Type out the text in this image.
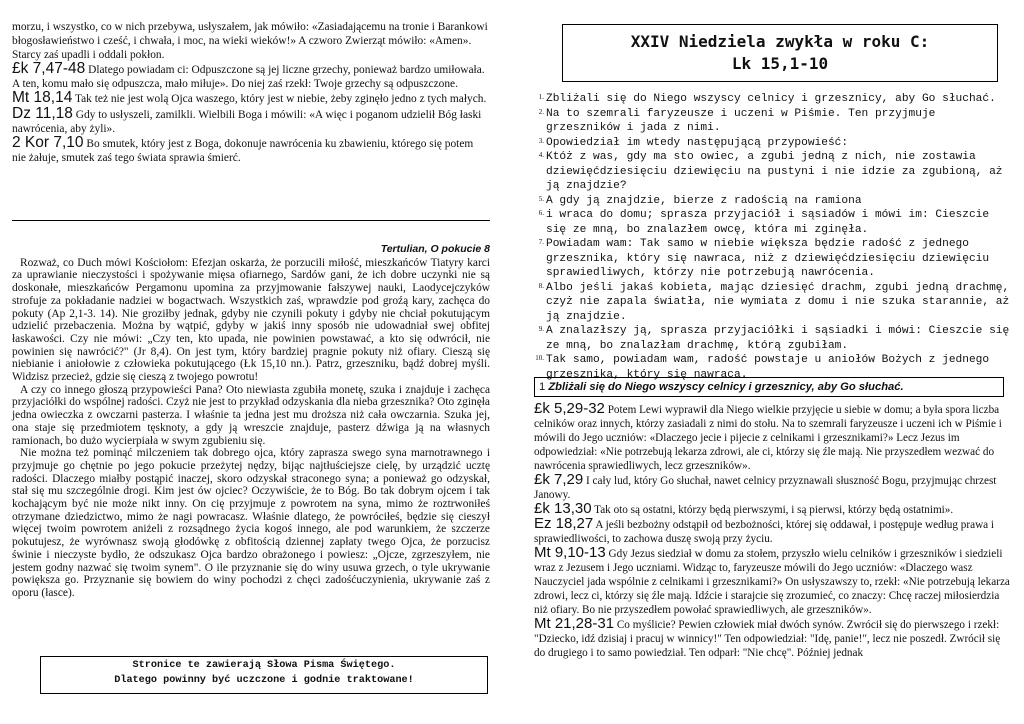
morzu, i wszystko, co w nich przebywa, usłyszałem, jak mówiło: «Zasiadającemu na tronie i Barankowi błogosławieństwo i cześć, i chwała, i moc, na wieki wieków!» A czworo Zwierząt mówiło: «Amen». Starcy zaś upadli i oddali pokłon.

£k 7,47-48 Dlatego powiadam ci: Odpuszczone są jej liczne grzechy, ponieważ bardzo umiłowała. A ten, komu mało się odpuszcza, mało miłuje». Do niej zaś rzekł: Twoje grzechy są odpuszczone.

Mt 18,14 Tak też nie jest wolą Ojca waszego, który jest w niebie, żeby zginęło jedno z tych małych.

Dz 11,18 Gdy to usłyszeli, zamilkli. Wielbili Boga i mówili: «A więc i poganom udzielił Bóg łaski nawrócenia, aby żyli».

2 Kor 7,10 Bo smutek, który jest z Boga, dokonuje nawrócenia ku zbawieniu, którego się potem nie żałuje, smutek zaś tego świata sprawia śmierć.

Tertulian, O pokucie 8

Rozważ, co Duch mówi Kościołom: Efezjan oskarża, że porzucili miłość, mieszkańców Tiatyry karci za uprawianie nieczystości i spożywanie mięsa ofiarnego, Sardów gani, że ich dobre uczynki nie są doskonałe, mieszkańców Pergamonu upomina za przyjmowanie fałszywej nauki, Laodycejczyków strofuje za pokładanie nadziei w bogactwach. Wszystkich zaś, wprawdzie pod groźą kary, zachęca do pokuty (Ap 2,1-3. 14). Nie groziłby jednak, gdyby nie czynili pokuty i gdyby nie chciał pokutującym udzielić przebaczenia. Można by wątpić, gdyby w jakiś inny sposób nie udowadniał swej obfitej łaskawości. Czy nie mówi: „Czy ten, kto upada, nie powinien powstawać, a kto się odwrócił, nie powinien się nawrócić?" (Jr 8,4). On jest tym, który bardziej pragnie pokuty niż ofiary. Cieszą się niebianie i aniołowie z człowieka pokutującego (Łk 15,10 nn.). Patrz, grzeszniku, bądź dobrej myśli. Widzisz przecież, gdzie się cieszą z twojego powrotu!

A czy co innego głoszą przypowieści Pana? Oto niewiasta zgubiła monetę, szuka i znajduje i zachęca przyjaciółki do wspólnej radości. Czyż nie jest to przykład odzyskania dla nieba grzesznika? Oto zginęła jedna owieczka z owczarni pasterza. I właśnie ta jedna jest mu droższa niż cała owczarnia. Szuka jej, ona staje się przedmiotem tęsknoty, a gdy ją wreszcie znajduje, pasterz dźwiga ją na własnych ramionach, bo dużo wycierpiała w swym zgubieniu się.

Nie można też pominąć milczeniem tak dobrego ojca, który zaprasza swego syna marnotrawnego i przyjmuje go chętnie po jego pokucie przeżytej nędzy, bijąc najtłuściejsze cielę, by urządzić ucztę radości. Dlaczego miałby postąpić inaczej, skoro odzyskał straconego syna; a ponieważ go odzyskał, stał się mu szczególnie drogi. Kim jest ów ojciec? Oczywiście, że to Bóg. Bo tak dobrym ojcem i tak kochającym być nie może nikt inny. On cię przyjmuje z powrotem na syna, mimo że roztrwoniłeś otrzymane dziedzictwo, mimo że nagi powracasz. Właśnie dlatego, że powróciłeś, będzie się cieszył więcej twoim powrotem aniżeli z rozsądnego życia kogoś innego, ale pod warunkiem, że szczerze pokutujesz, że wyrównasz swoją głodówkę z obfitością dziennej zapłaty twego Ojca, że porzucisz świnie i nieczyste bydło, że odszukasz Ojca bardzo obrażonego i powiesz: „Ojcze, zgrzeszyłem, nie jestem godny nazwać się twoim synem". O ile przyznanie się do winy usuwa grzech, o tyle ukrywanie powiększa go. Przyznanie się bowiem do winy pochodzi z chęci zadośćuczynienia, ukrywanie zaś z oporu (łasce).

Stronice te zawierają Słowa Pisma Świętego.
Dlatego powinny być uczczone i godnie traktowane!
XXIV Niedziela zwykła w roku C:
Lk 15,1-10
1. Zbliżali się do Niego wszyscy celnicy i grzesznicy, aby Go słuchać.
2. Na to szemrali faryzeusze i uczeni w Piśmie. Ten przyjmuje grzeszników i jada z nimi.
3. Opowiedział im wtedy następującą przypowieść:
4. Któż z was, gdy ma sto owiec, a zgubi jedną z nich, nie zostawia dziewięćdziesięciu dziewięciu na pustyni i nie idzie za zgubioną, aż ją znajdzie?
5. A gdy ją znajdzie, bierze z radością na ramiona
6. i wraca do domu; sprasza przyjaciół i sąsiadów i mówi im: Cieszcie się ze mną, bo znalazłem owcę, która mi zginęła.
7. Powiadam wam: Tak samo w niebie większa będzie radość z jednego grzesznika, który się nawraca, niż z dziewięćdziesięciu dziewięciu sprawiedliwych, którzy nie potrzebują nawrócenia.
8. Albo jeśli jakaś kobieta, mając dziesięć drachm, zgubi jedną drachmę, czyż nie zapala światła, nie wymiata z domu i nie szuka starannie, aż ją znajdzie.
9. A znalazłszy ją, sprasza przyjaciółki i sąsiadki i mówi: Cieszcie się ze mną, bo znalazłam drachmę, którą zgubiłam.
10. Tak samo, powiadam wam, radość powstaje u aniołów Bożych z jednego grzesznika, który się nawraca.
1 Zbliżali się do Niego wszyscy celnicy i grzesznicy, aby Go słuchać.

£k 5,29-32 Potem Lewi wyprawił dla Niego wielkie przyjęcie u siebie w domu; a była spora liczba celników oraz innych, którzy zasiadali z nimi do stołu. Na to szemrali faryzeusze i uczeni ich w Piśmie i mówili do Jego uczniów: «Dlaczego jecie i pijecie z celnikami i grzesznikami?» Lecz Jezus im odpowiedział: «Nie potrzebują lekarza zdrowi, ale ci, którzy się źle mają. Nie przyszedłem wezwać do nawrócenia sprawiedliwych, lecz grzeszników».

£k 7,29 I cały lud, który Go słuchał, nawet celnicy przyznawali słuszność Bogu, przyjmując chrzest Janowy.

£k 13,30 Tak oto są ostatni, którzy będą pierwszymi, i są pierwsi, którzy będą ostatnimi».

Ez 18,27 A jeśli bezbożny odstąpił od bezbożności, której się oddawał, i postępuje według prawa i sprawiedliwości, to zachowa duszę swoją przy życiu.

Mt 9,10-13 Gdy Jezus siedział w domu za stołem, przyszło wielu celników i grzeszników i siedzieli wraz z Jezusem i Jego uczniami. Widząc to, faryzeusze mówili do Jego uczniów: «Dlaczego wasz Nauczyciel jada wspólnie z celnikami i grzesznikami?» On usłyszawszy to, rzekł: «Nie potrzebują lekarza zdrowi, lecz ci, którzy się źle mają. Idźcie i starajcie się zrozumieć, co znaczy: Chcę raczej miłosierdzia niż ofiary. Bo nie przyszedłem powołać sprawiedliwych, ale grzeszników».

Mt 21,28-31 Co myślicie? Pewien człowiek miał dwóch synów. Zwrócił się do pierwszego i rzekł: "Dziecko, idź dzisiaj i pracuj w winnicy!" Ten odpowiedział: "Idę, panie!", lecz nie poszedł. Zwrócił się do drugiego i to samo powiedział. Ten odparł: "Nie chcę". Później jednak
